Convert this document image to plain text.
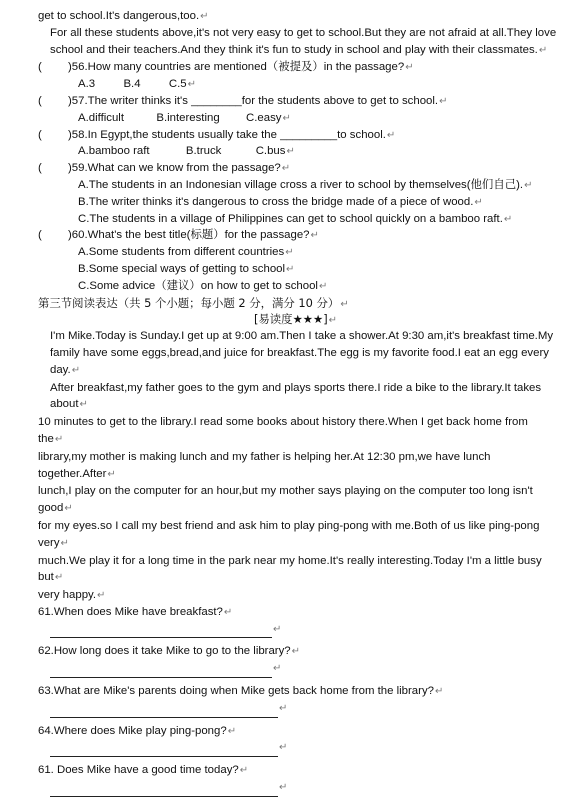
get to school.It's dangerous,too.↵
For all these students above,it's not very easy to get to school.But they are not afraid at all.They love school and their teachers.And they think it's fun to study in school and play with their classmates.↵
( )56.How many countries are mentioned（被提及）in the passage?↵
A.3 B.4 C.5↵
( )57.The writer thinks it's ________for the students above to get to school.↵
A.difficult	B.interesting C.easy↵
( )58.In Egypt,the students usually take the _________to school.↵
A.bamboo raft	B.truck	C.bus↵
( )59.What can we know from the passage?↵
A.The students in an Indonesian village cross a river to school by themselves(他们自己).↵
B.The writer thinks it's dangerous to cross the bridge made of a piece of wood.↵
C.The students in a village of Philippines can get to school quickly on a bamboo raft.↵
( )60.What's the best title(标题）for the passage?↵
A.Some students from different countries↵
B.Some special ways of getting to school↵
C.Some advice（建议）on how to get to school↵
第三节阅读表达（共 5 个小题；每小题 2 分，满分 10 分）↵
[易读度★★★]↵
I'm Mike.Today is Sunday.I get up at 9:00 am.Then I take a shower.At 9:30 am,it's breakfast time.My family have some eggs,bread,and juice for breakfast.The egg is my favorite food.I eat an egg every day.↵
After breakfast,my father goes to the gym and plays sports there.I ride a bike to the library.It takes about↵
10 minutes to get to the library.I read some books about history there.When I get back home from the↵
library,my mother is making lunch and my father is helping her.At 12:30 pm,we have lunch together.After↵
lunch,I play on the computer for an hour,but my mother says playing on the computer too long isn't good↵
for my eyes.so I call my best friend and ask him to play ping-pong with me.Both of us like ping-pong very↵
much.We play it for a long time in the park near my home.It's really interesting.Today I'm a little busy but↵
very happy.↵
61.When does Mike have breakfast?↵
↵
62.How long does it take Mike to go to the library?↵
↵
63.What are Mike's parents doing when Mike gets back home from the library?↵
↵
64.Where does Mike play ping-pong?↵
↵
61. Does Mike have a good time today?↵
↵
